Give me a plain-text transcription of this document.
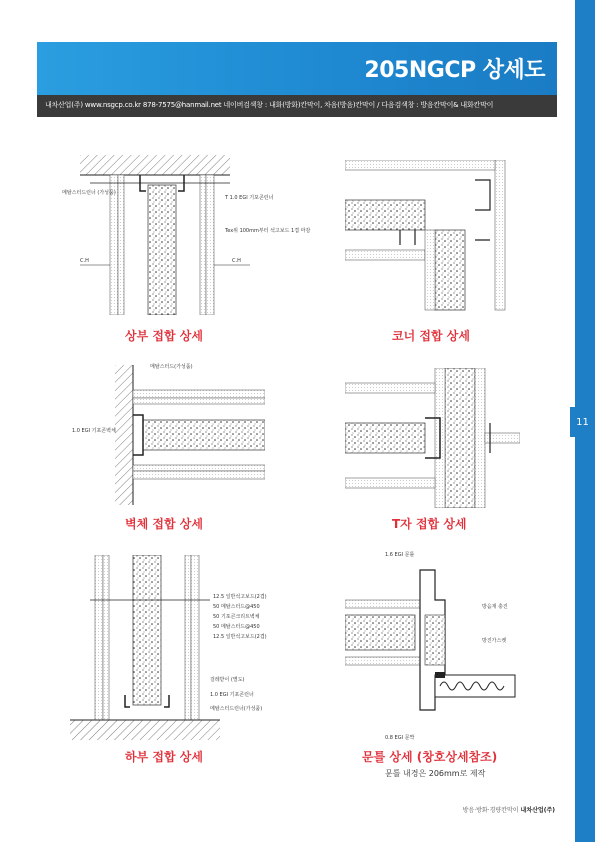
205NGCP 상세도
내차산업(주) www.nsgcp.co.kr 878-7575@hanmail.net 네이버검색창 : 내화(방화)칸막이, 차음(방음)칸막이 / 다음검색창 : 방음칸막이& 내화칸막이
11
메탈스터드런너 (가성품)
T 1.0 EGI 기포콘런너
Tex위 100mm부터 석고보드 1겹 마감
C.H	C.H
상부 접합 상세	코너 접합 상세
메탈스터드(가성품)
1.0 EGI 기포콘벽체
벽체 접합 상세	T자 접합 상세
12.5 일반석고보드(2겹)
50 메탈스터드@450
50 기포콘크리트벽체
50 메탈스터드@450
12.5 일반석고보드(2겹)
걸레받이 (별도)
1.0 EGI 기포콘런너
메탈스터드런너(가성품)
하부 접합 상세
1.6 EGI 문틀
방음재 충진
방진가스켓
0.8 EGI 문짝
문틀 상세 (창호상세참조)
문틀 내경은 206mm로 제작
방음·방화·경량칸막이 내차산업(주)
